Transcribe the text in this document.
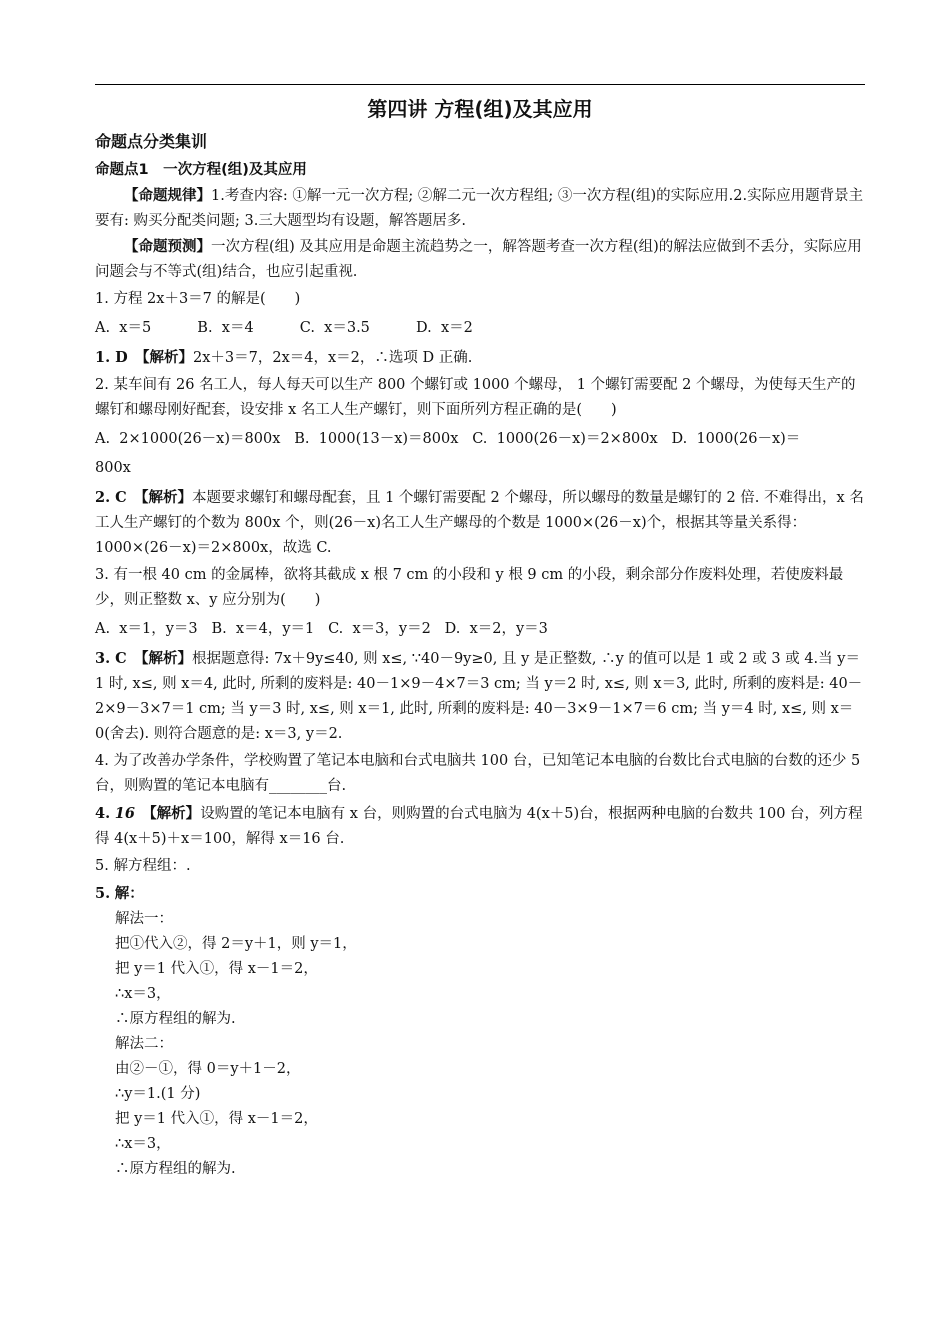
第四讲 方程(组)及其应用
命题点分类集训
命题点1　一次方程(组)及其应用

【命题规律】1.考查内容: ①解一元一次方程; ②解二元一次方程组; ③一次方程(组)的实际应用.2.实际应用题背景主要有: 购买分配类问题; 3.三大题型均有设题，解答题居多.

【命题预测】一次方程(组) 及其应用是命题主流趋势之一，解答题考查一次方程(组)的解法应做到不丢分，实际应用问题会与不等式(组)结合，也应引起重视.

1. 方程 2x＋3＝7 的解是(　　)

A.  x＝5          B.  x＝4          C.  x＝3.5          D.  x＝2

1. D　 【解析】2x＋3＝7，2x＝4，x＝2，∴选项 D 正确.

2. 某车间有 26 名工人，每人每天可以生产 800 个螺钉或 1000 个螺母， 1 个螺钉需要配 2 个螺母，为使每天生产的螺钉和螺母刚好配套，设安排 x 名工人生产螺钉，则下面所列方程正确的是(　　)

A.  2×1000(26－x)＝800x   B.  1000(13－x)＝800x   C.  1000(26－x)＝2×800x   D.  1000(26－x)＝

800x

2. C　 【解析】本题要求螺钉和螺母配套，且 1 个螺钉需要配 2 个螺母，所以螺母的数量是螺钉的 2 倍. 不难得出，x 名工人生产螺钉的个数为 800x 个，则(26－x)名工人生产螺母的个数是 1000×(26－x)个，根据其等量关系得：1000×(26－x)＝2×800x，故选 C.

3. 有一根 40 cm 的金属棒，欲将其截成 x 根 7 cm 的小段和 y 根 9 cm 的小段，剩余部分作废料处理，若使废料最少，则正整数 x、y 应分别为(　　)

A.  x＝1，y＝3   B.  x＝4，y＝1   C.  x＝3，y＝2   D.  x＝2，y＝3

3. C　 【解析】根据题意得: 7x＋9y≤40, 则 x≤, ∵40－9y≥0, 且 y 是正整数, ∴y 的值可以是 1 或 2 或 3 或 4.当 y＝1 时, x≤, 则 x＝4, 此时, 所剩的废料是: 40－1×9－4×7＝3 cm; 当 y＝2 时, x≤, 则 x＝3, 此时, 所剩的废料是: 40－2×9－3×7＝1 cm; 当 y＝3 时, x≤, 则 x＝1, 此时, 所剩的废料是: 40－3×9－1×7＝6 cm; 当 y＝4 时, x≤, 则 x＝0(舍去). 则符合题意的是: x＝3, y＝2.

4. 为了改善办学条件，学校购置了笔记本电脑和台式电脑共 100 台，已知笔记本电脑的台数比台式电脑的台数的还少 5 台，则购置的笔记本电脑有________台.

4. 16　 【解析】设购置的笔记本电脑有 x 台，则购置的台式电脑为 4(x＋5)台，根据两种电脑的台数共 100 台，列方程得 4(x＋5)＋x＝100，解得 x＝16 台.

5. 解方程组：.

5. 解：

解法一：
把①代入②，得 2＝y＋1，则 y＝1，
把 y＝1 代入①，得 x－1＝2，
∴x＝3，
∴原方程组的解为.
解法二：
由②－①，得 0＝y＋1－2，
∴y＝1.(1 分)
把 y＝1 代入①，得 x－1＝2，
∴x＝3，
∴原方程组的解为.
